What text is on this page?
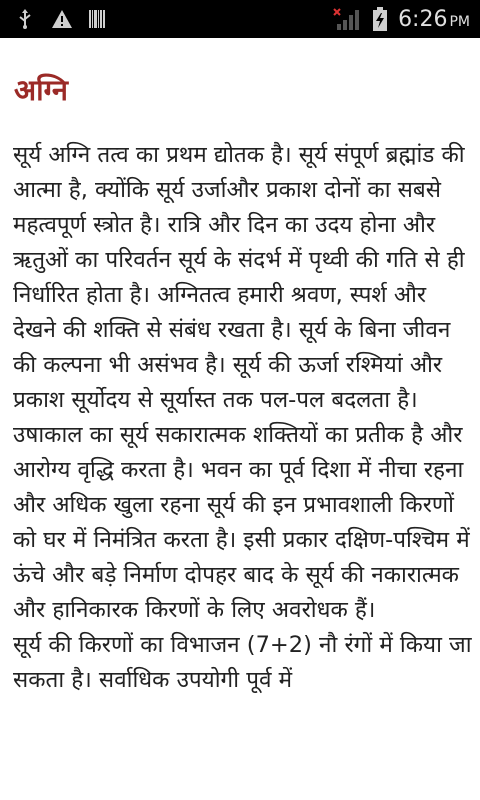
6:26 PM
अग्नि
सूर्य अग्नि तत्व का प्रथम द्योतक है। सूर्य संपूर्ण ब्रह्मांड की आत्मा है, क्योंकि सूर्य उर्जाऔर प्रकाश दोनों का सबसे महत्वपूर्ण स्त्रोत है। रात्रि और दिन का उदय होना और ऋतुओं का परिवर्तन सूर्य के संदर्भ में पृथ्वी की गति से ही निर्धारित होता है। अग्नितत्व हमारी श्रवण, स्पर्श और देखने की शक्ति से संबंध रखता है। सूर्य के बिना जीवन की कल्पना भी असंभव है। सूर्य की ऊर्जा रश्मियां और प्रकाश सूर्योदय से सूर्यास्त तक पल-पल बदलता है। उषाकाल का सूर्य सकारात्मक शक्तियों का प्रतीक है और आरोग्य वृद्धि करता है। भवन का पूर्व दिशा में नीचा रहना और अधिक खुला रहना सूर्य की इन प्रभावशाली किरणों को घर में निमंत्रित करता है। इसी प्रकार दक्षिण-पश्चिम में ऊंचे और बड़े निर्माण दोपहर बाद के सूर्य की नकारात्मक और हानिकारक किरणों के लिए अवरोधक हैं।
सूर्य की किरणों का विभाजन (7+2) नौ रंगों में किया जा सकता है। सर्वाधिक उपयोगी पूर्व में
